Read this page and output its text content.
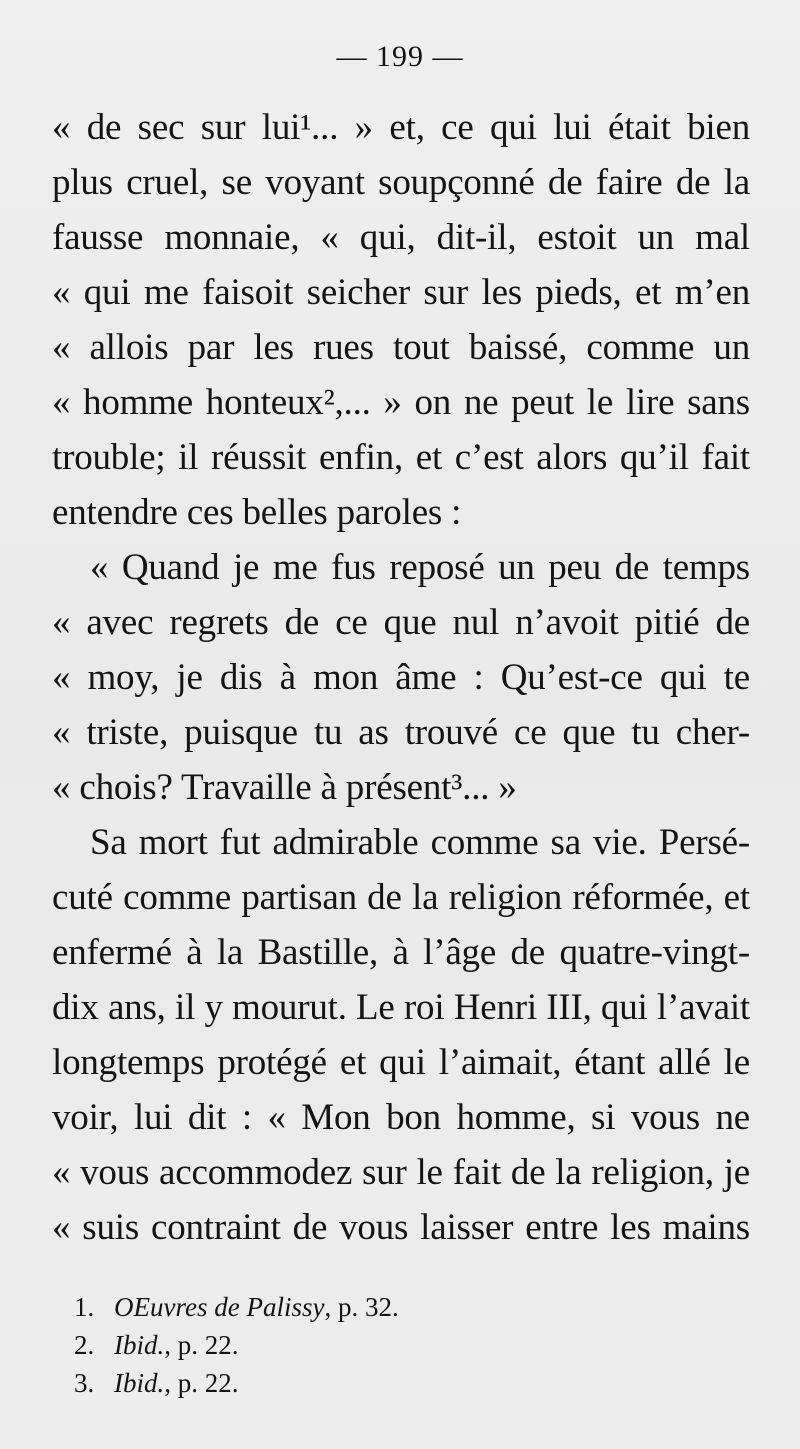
— 199 —
« de sec sur lui¹... » et, ce qui lui était bien
plus cruel, se voyant soupçonné de faire de la
fausse monnaie, « qui, dit-il, estoit un mal
« qui me faisoit seicher sur les pieds, et m’en
« allois par les rues tout baissé, comme un
« homme honteux²,... » on ne peut le lire sans
trouble; il réussit enfin, et c’est alors qu’il fait
entendre ces belles paroles :
« Quand je me fus reposé un peu de temps
« avec regrets de ce que nul n’avoit pitié de
« moy, je dis à mon âme : Qu’est-ce qui te
« triste, puisque tu as trouvé ce que tu cher-
« chois? Travaille à présent³... »
Sa mort fut admirable comme sa vie. Persé-
cuté comme partisan de la religion réformée, et
enfermé à la Bastille, à l’âge de quatre-vingt-
dix ans, il y mourut. Le roi Henri III, qui l’avait
longtemps protégé et qui l’aimait, étant allé le
voir, lui dit : « Mon bon homme, si vous ne
« vous accommodez sur le fait de la religion, je
« suis contraint de vous laisser entre les mains
1. OEuvres de Palissy, p. 32.
2. Ibid., p. 22.
3. Ibid., p. 22.
